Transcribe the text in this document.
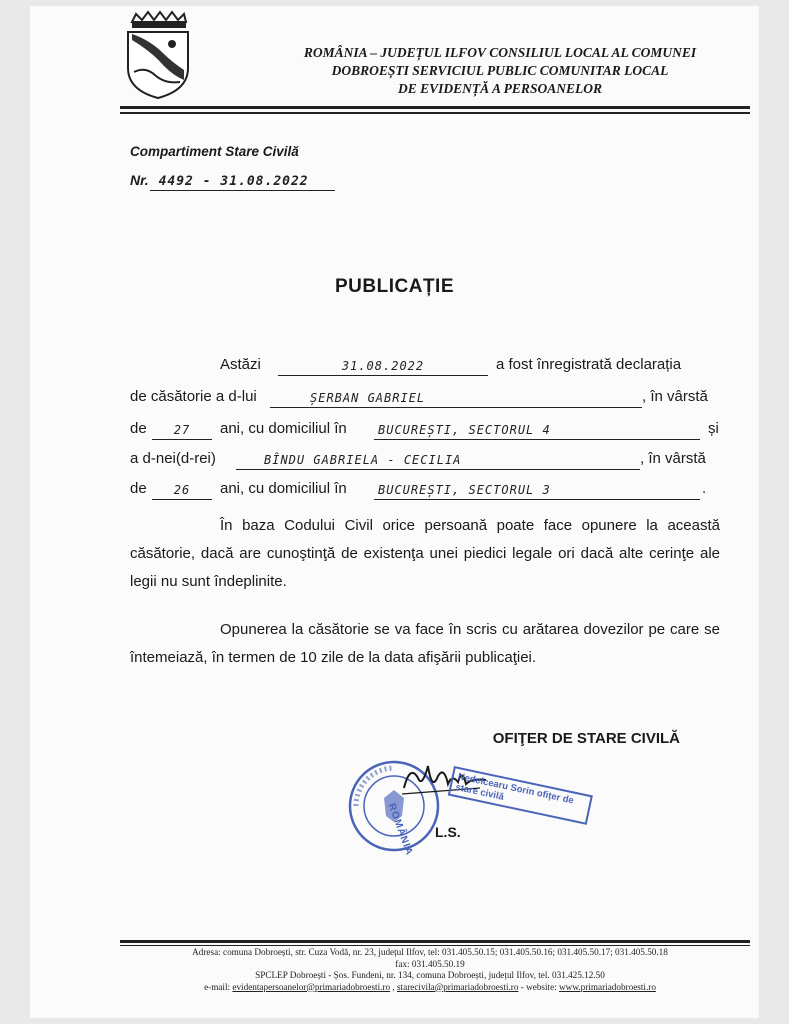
ROMÂNIA – JUDEȚUL ILFOV CONSILIUL LOCAL AL COMUNEI
DOBROEȘTI SERVICIUL PUBLIC COMUNITAR LOCAL
DE EVIDENȚĂ A PERSOANELOR
Compartiment Stare Civilă
Nr. 4492 - 31.08.2022
PUBLICAȚIE
Astăzi	31.08.2022	a fost înregistrată declarația
de căsătorie a d-lui	ȘERBAN GABRIEL	, în vârstă
de	27	ani, cu domiciliul în	BUCUREȘTI, SECTORUL 4	și
a d-nei(d-rei)	BÎNDU GABRIELA - CECILIA	, în vârstă
de	26	ani, cu domiciliul în	BUCUREȘTI, SECTORUL 3	.
În baza Codului Civil orice persoană poate face opunere la această căsătorie, dacă are cunoştinţă de existenţa unei piedici legale ori dacă alte cerinţe ale legii nu sunt îndeplinite.
Opunerea la căsătorie se va face în scris cu arătarea dovezilor pe care se întemeiază, în termen de 10 zile de la data afişării publicaţiei.
OFIŢER DE STARE CIVILĂ
ROMÂNIA
Nedelcearu Sorin ofițer de stare civilă
L.S.
Adresa: comuna Dobroești, str. Cuza Vodă, nr. 23, județul Ilfov, tel: 031.405.50.15; 031.405.50.16; 031.405.50.17; 031.405.50.18
fax: 031.405.50.19
SPCLEP Dobroești - Șos. Fundeni, nr. 134, comuna Dobroești, județul Ilfov, tel. 031.425.12.50
e-mail: evidentapersoanelor@primariadobroesti.ro , starecivila@primariadobroesti.ro - website: www.primariadobroesti.ro
